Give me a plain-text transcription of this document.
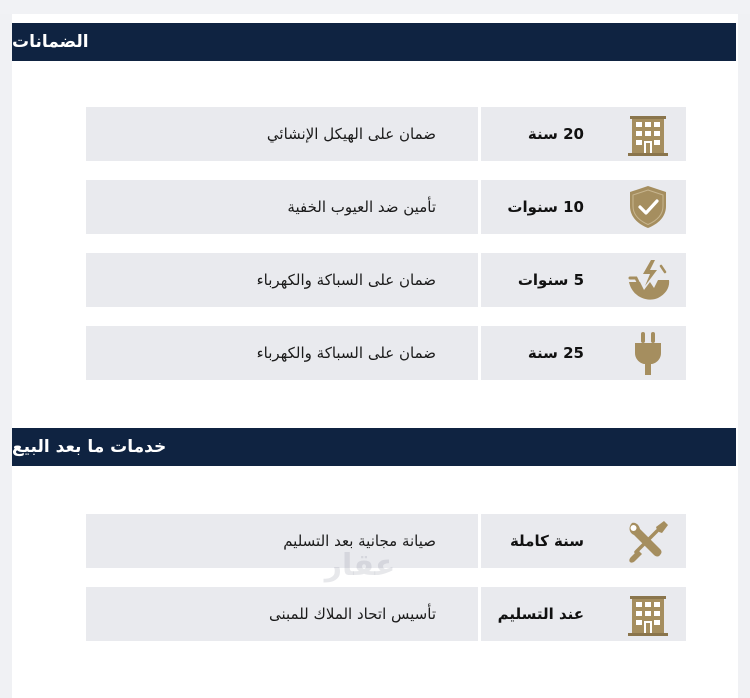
الضمانات
ضمان على الهيكل الإنشائي	20 سنة
تأمين ضد العيوب الخفية	10 سنوات
ضمان على السباكة والكهرباء	5 سنوات
ضمان على السباكة والكهرباء	25 سنة
خدمات ما بعد البيع
صيانة مجانية بعد التسليم	سنة كاملة
تأسيس اتحاد الملاك للمبنى	عند التسليم
